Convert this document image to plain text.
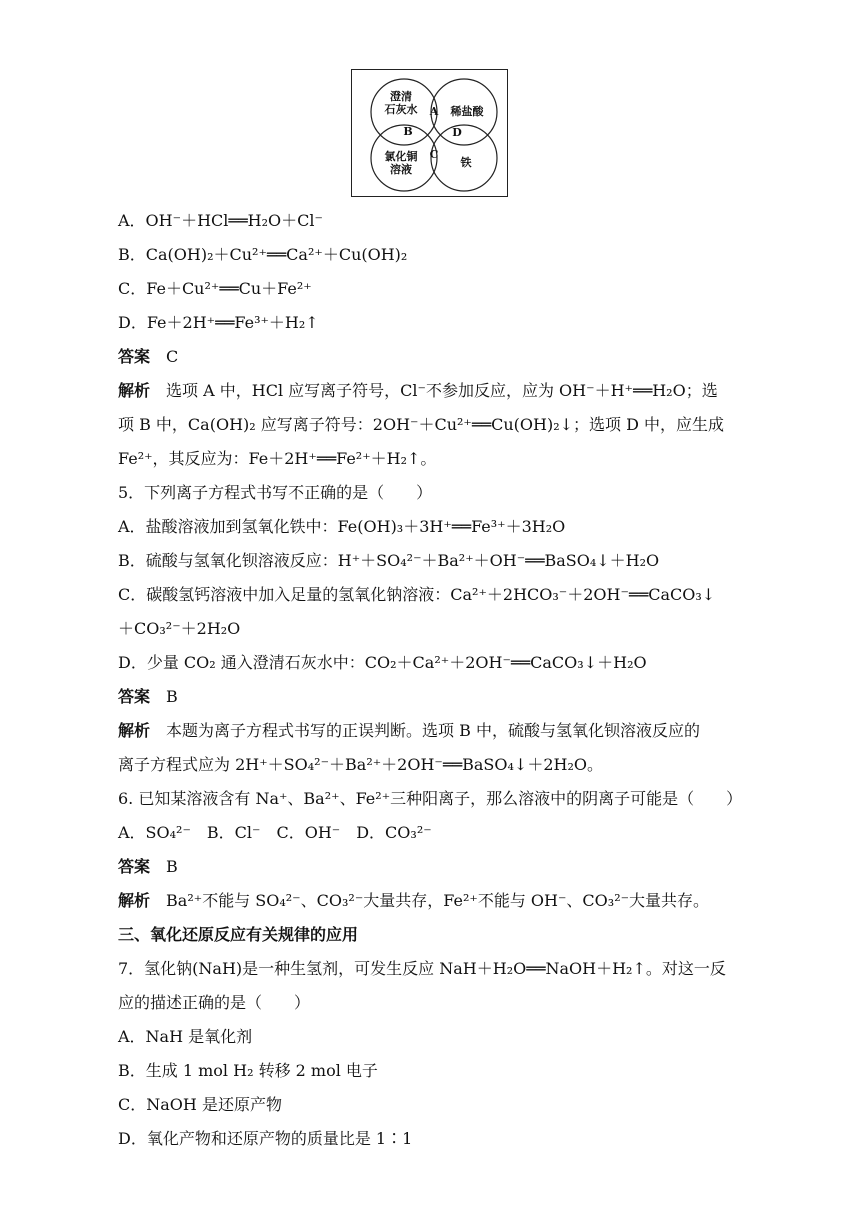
澄清
石灰水	稀盐酸
氯化铜
溶液
铁
A
B
C
D
A．OH⁻＋HCl══H₂O＋Cl⁻
B．Ca(OH)₂＋Cu²⁺══Ca²⁺＋Cu(OH)₂
C．Fe＋Cu²⁺══Cu＋Fe²⁺
D．Fe＋2H⁺══Fe³⁺＋H₂↑
答案　 C
解析　 选项 A 中，HCl 应写离子符号，Cl⁻不参加反应，应为 OH⁻＋H⁺══H₂O；选
项 B 中，Ca(OH)₂ 应写离子符号：2OH⁻＋Cu²⁺══Cu(OH)₂↓；选项 D 中，应生成
Fe²⁺，其反应为：Fe＋2H⁺══Fe²⁺＋H₂↑。
5．下列离子方程式书写不正确的是（　　）
A．盐酸溶液加到氢氧化铁中：Fe(OH)₃＋3H⁺══Fe³⁺＋3H₂O
B．硫酸与氢氧化钡溶液反应：H⁺＋SO₄²⁻＋Ba²⁺＋OH⁻══BaSO₄↓＋H₂O
C．碳酸氢钙溶液中加入足量的氢氧化钠溶液：Ca²⁺＋2HCO₃⁻＋2OH⁻══CaCO₃↓
＋CO₃²⁻＋2H₂O
D．少量 CO₂ 通入澄清石灰水中：CO₂＋Ca²⁺＋2OH⁻══CaCO₃↓＋H₂O
答案　 B
解析　 本题为离子方程式书写的正误判断。选项 B 中，硫酸与氢氧化钡溶液反应的
离子方程式应为 2H⁺＋SO₄²⁻＋Ba²⁺＋2OH⁻══BaSO₄↓＋2H₂O。
6. 已知某溶液含有 Na⁺、Ba²⁺、Fe²⁺三种阳离子，那么溶液中的阴离子可能是（　　）
A．SO₄²⁻　B．Cl⁻　C．OH⁻　D．CO₃²⁻
答案　 B
解析　 Ba²⁺不能与 SO₄²⁻、CO₃²⁻大量共存，Fe²⁺不能与 OH⁻、CO₃²⁻大量共存。
三、氧化还原反应有关规律的应用
7．氢化钠(NaH)是一种生氢剂，可发生反应 NaH＋H₂O══NaOH＋H₂↑。对这一反
应的描述正确的是（　　）
A．NaH 是氧化剂
B．生成 1 mol H₂ 转移 2 mol 电子
C．NaOH 是还原产物
D．氧化产物和还原产物的质量比是 1∶1
